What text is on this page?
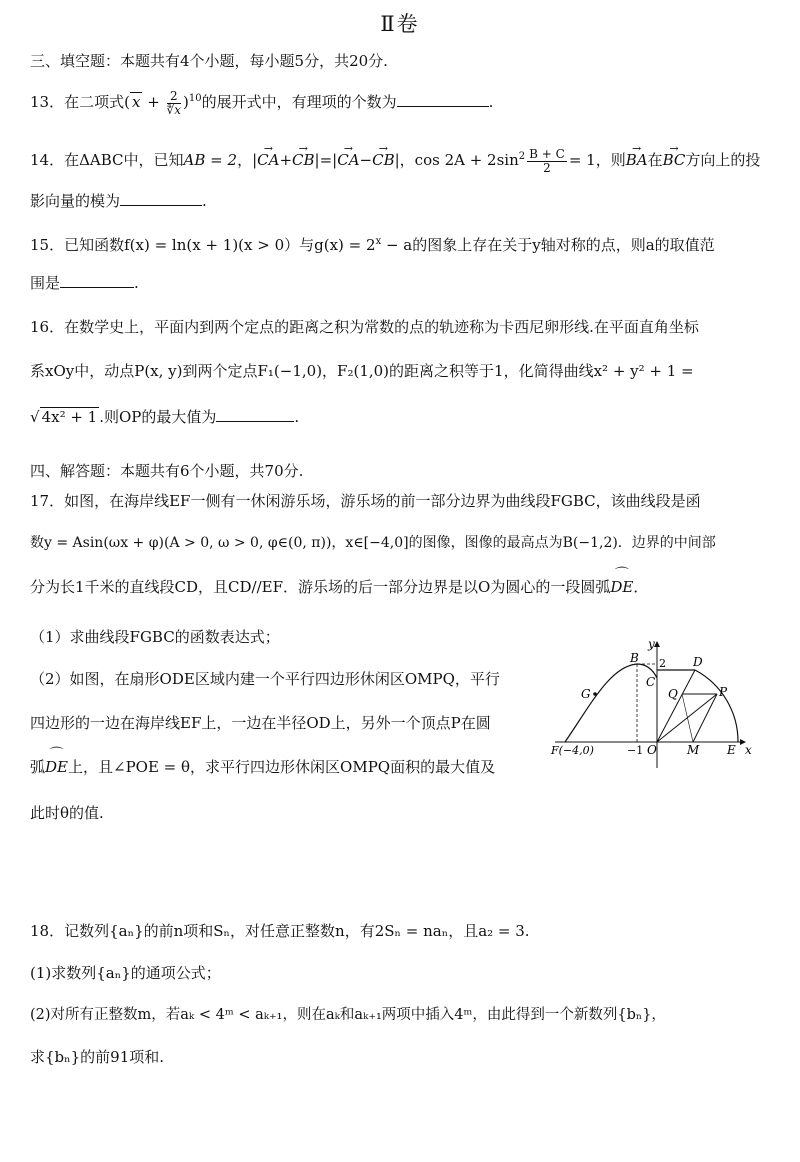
Ⅱ卷
三、填空题：本题共有4个小题，每小题5分，共20分.
13．在二项式( $x + \frac{2}{∜x} )^{10}$的展开式中，有理项的个数为	.
14．在ΔABC中，已知AB = 2，|→ CA+→ CB|=|→ CA−→ CB|，$\cos 2A + 2\sin^2 \frac{B + C}{2} = 1$，则→ BA在→ BC方向上的投
影向量的模为	.
15．已知函数f(x) = ln(x + 1)(x > 0）与$g(x) = 2^x - a$的图象上存在关于y轴对称的点，则a的取值范
围是	.
16．在数学史上，平面内到两个定点的距离之积为常数的点的轨迹称为卡西尼卵形线.在平面直角坐标
系xOy中，动点P(x, y)到两个定点F₁(−1,0)，F₂(1,0)的距离之积等于1，化简得曲线x² + y² + 1 =
√ 4x² + 1 .则OP的最大值为	.
四、解答题：本题共有6个小题，共70分.
17．如图，在海岸线EF一侧有一休闲游乐场，游乐场的前一部分边界为曲线段FGBC，该曲线段是函
数y = Asin(ωx + φ)(A > 0, ω > 0, φ∈(0, π))，x∈[−4,0]的图像，图像的最高点为B(−1,2)．边界的中间部
分为长1千米的直线段CD，且CD//EF．游乐场的后一部分边界是以O为圆心的一段圆弧⌒ DE．
（1）求曲线段FGBC的函数表达式；
（2）如图，在扇形ODE区域内建一个平行四边形休闲区OMPQ，平行
四边形的一边在海岸线EF上，一边在半径OD上，另外一个顶点P在圆
弧⌒ DE上，且∠POE = θ，求平行四边形休闲区OMPQ面积的最大值及
此时θ的值.
y
x
B 2 D
C
Q	P
G
F(−4,0)	−1 O	M E
18．记数列{aₙ}的前n项和Sₙ，对任意正整数n，有2Sₙ = naₙ，且a₂ = 3.
(1)求数列{aₙ}的通项公式；
(2)对所有正整数m，若aₖ < 4ᵐ < aₖ₊₁，则在aₖ和aₖ₊₁两项中插入4ᵐ，由此得到一个新数列{bₙ}，
求{bₙ}的前91项和.
